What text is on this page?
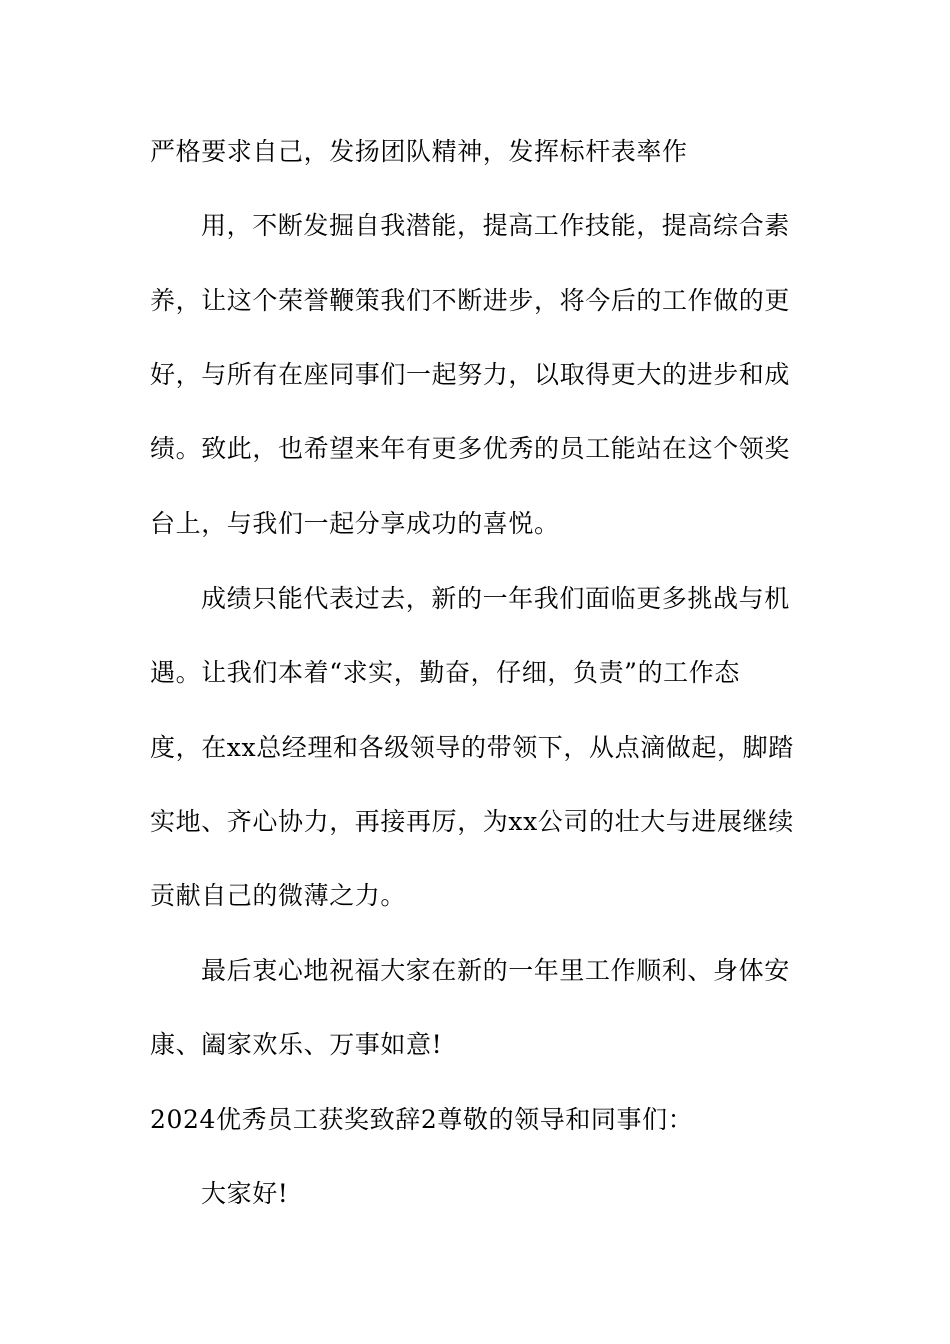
严格要求自己，发扬团队精神，发挥标杆表率作
用，不断发掘自我潜能，提高工作技能，提高综合素
养，让这个荣誉鞭策我们不断进步，将今后的工作做的更
好，与所有在座同事们一起努力，以取得更大的进步和成
绩。致此，也希望来年有更多优秀的员工能站在这个领奖
台上，与我们一起分享成功的喜悦。
成绩只能代表过去，新的一年我们面临更多挑战与机
遇。让我们本着“求实，勤奋，仔细，负责”的工作态
度，在xx总经理和各级领导的带领下，从点滴做起，脚踏
实地、齐心协力，再接再厉，为xx公司的壮大与进展继续
贡献自己的微薄之力。
最后衷心地祝福大家在新的一年里工作顺利、身体安
康、阖家欢乐、万事如意!
2024优秀员工获奖致辞2尊敬的领导和同事们：
大家好!
